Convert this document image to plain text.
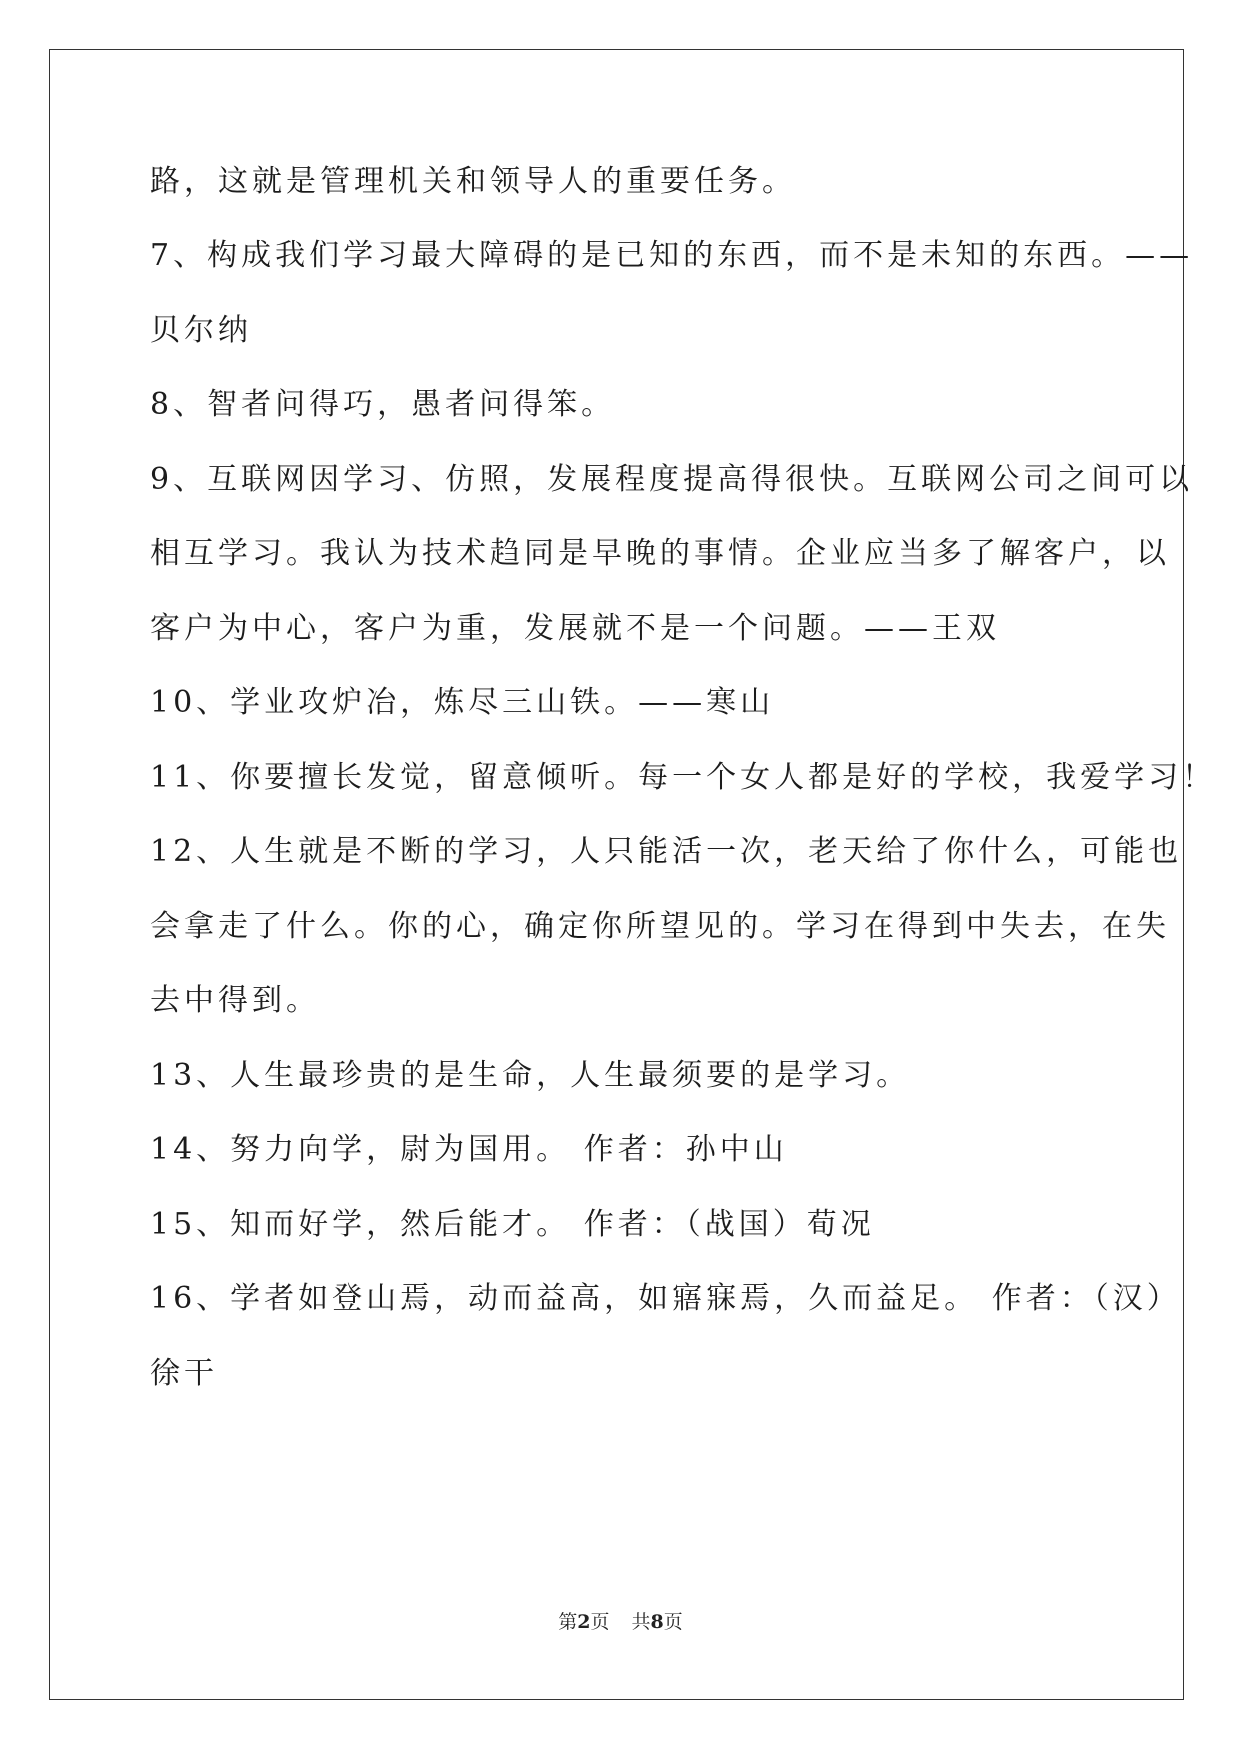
路，这就是管理机关和领导人的重要任务。
7、构成我们学习最大障碍的是已知的东西，而不是未知的东西。——
贝尔纳
8、智者问得巧，愚者问得笨。
9、互联网因学习、仿照，发展程度提高得很快。互联网公司之间可以
相互学习。我认为技术趋同是早晚的事情。企业应当多了解客户，以
客户为中心，客户为重，发展就不是一个问题。——王双
10、学业攻炉冶，炼尽三山铁。——寒山
11、你要擅长发觉，留意倾听。每一个女人都是好的学校，我爱学习！
12、人生就是不断的学习，人只能活一次，老天给了你什么，可能也
会拿走了什么。你的心，确定你所望见的。学习在得到中失去，在失
去中得到。
13、人生最珍贵的是生命，人生最须要的是学习。
14、努力向学，尉为国用。 作者：孙中山
15、知而好学，然后能才。 作者：（战国）荀况
16、学者如登山焉，动而益高，如寤寐焉，久而益足。 作者：（汉）
徐干
第2页 共8页
